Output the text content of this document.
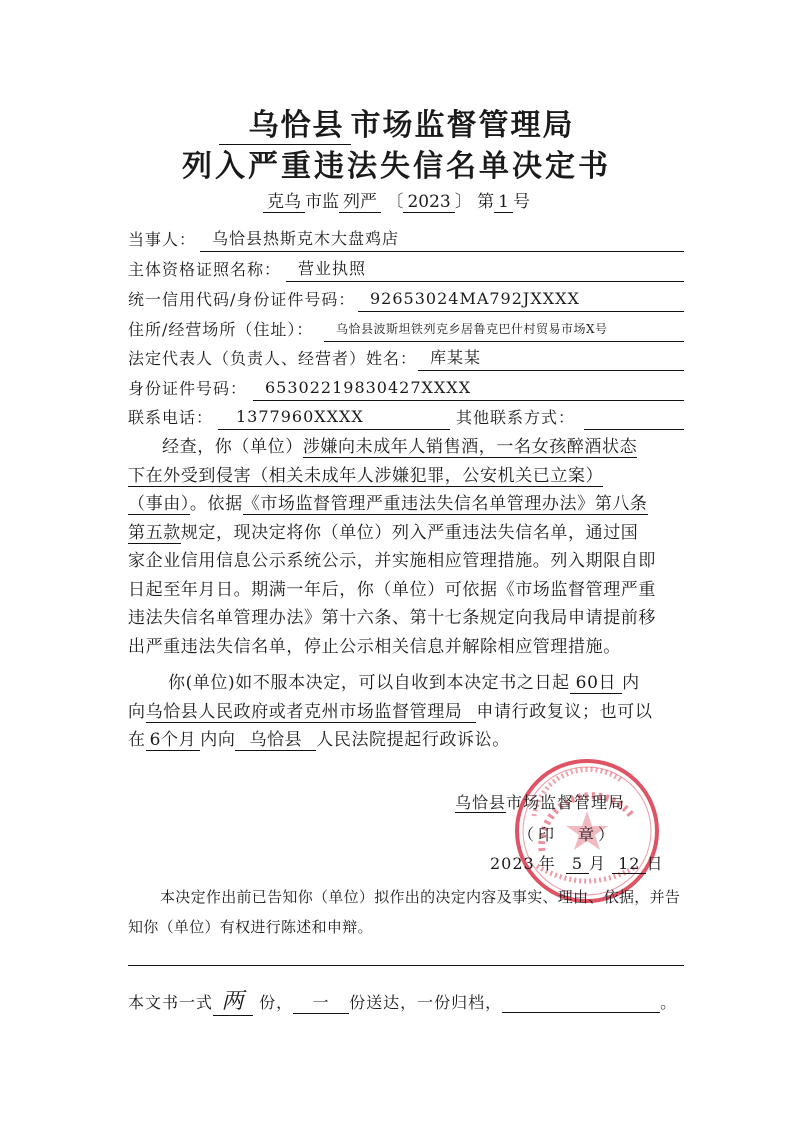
乌恰县 市场监督管理局
列入严重违法失信名单决定书
克乌 市监 列严 〔 2023 〕 第 1 号
当事人： 乌恰县热斯克木大盘鸡店
主体资格证照名称：	营业执照
统一信用代码/身份证件号码： 92653024MA792JXXXX
住所/经营场所（住址）：	乌恰县波斯坦铁列克乡居鲁克巴什村贸易市场X号
法定代表人（负责人、经营者）姓名： 库某某
身份证件号码：	65302219830427XXXX
联系电话：	1377960XXXX	其他联系方式：
经查，你（单位）涉嫌向未成年人销售酒，一名女孩醉酒状态
下在外受到侵害（相关未成年人涉嫌犯罪，公安机关已立案）
（事由）。依据《市场监督管理严重违法失信名单管理办法》第八条
第五款规定，现决定将你（单位）列入严重违法失信名单，通过国
家企业信用信息公示系统公示，并实施相应管理措施。列入期限自即
日起至年月日。期满一年后，你（单位）可依据《市场监督管理严重
违法失信名单管理办法》第十六条、第十七条规定向我局申请提前移
出严重违法失信名单，停止公示相关信息并解除相应管理措施。
你(单位)如不服本决定，可以自收到本决定书之日起 60日 内
向乌恰县人民政府或者克州市场监督管理局 申请行政复议；也可以
在 6个月 内向 乌恰县 人民法院提起行政诉讼。
乌恰县市场监督管理局
（印　章）
2023 年 5 月 12 日
本决定作出前已告知你（单位）拟作出的决定内容及事实、理由、依据，并告
知你（单位）有权进行陈述和申辩。
本文书一式 两 份， 一 份送达，一份归档，	。
